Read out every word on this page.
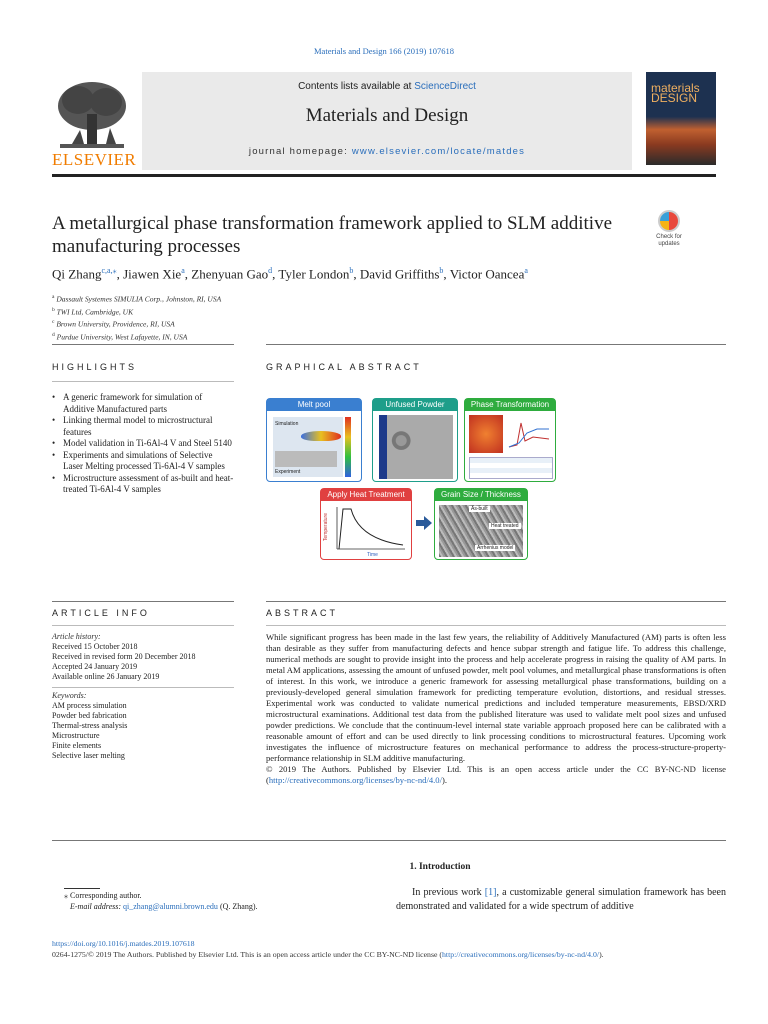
Materials and Design 166 (2019) 107618
ELSEVIER
Contents lists available at ScienceDirect
Materials and Design
journal homepage: www.elsevier.com/locate/matdes
materials
DESIGN
A metallurgical phase transformation framework applied to SLM additive manufacturing processes	Check for updates
Qi Zhang$^{c,a,⁎}$, Jiawen Xie$^a$, Zhenyuan Gao$^d$, Tyler London$^b$, David Griffiths$^b$, Victor Oancea$^a$
$^a$ Dassault Systemes SIMULIA Corp., Johnston, RI, USA
$^b$ TWI Ltd, Cambridge, UK
$^c$ Brown University, Providence, RI, USA
$^d$ Purdue University, West Lafayette, IN, USA
HIGHLIGHTS	GRAPHICAL ABSTRACT
• A generic framework for simulation of Additive Manufactured parts
• Linking thermal model to microstructural features
• Model validation in Ti-6Al-4 V and Steel 5140
• Experiments and simulations of Selective Laser Melting processed Ti-6Al-4 V samples
• Microstructure assessment of as-built and heat-treated Ti-6Al-4 V samples
Melt pool
Simulation
Experiment
Unfused Powder	Phase Transformation
Apply Heat Treatment
Temperature
Time
Grain Size / Thickness
As-built
Heat treated
Arrhenius model
ARTICLE INFO	ABSTRACT
Article history:
Received 15 October 2018
Received in revised form 20 December 2018
Accepted 24 January 2019
Available online 26 January 2019
Keywords:
AM process simulation
Powder bed fabrication
Thermal-stress analysis
Microstructure
Finite elements
Selective laser melting

While significant progress has been made in the last few years, the reliability of Additively Manufactured (AM) parts is often less than desirable as they suffer from manufacturing defects and hence subpar strength and fatigue life. To address this challenge, numerical methods are sought to provide insight into the process and help accelerate progress in raising the quality of AM parts. In metal AM applications, assessing the amount of unfused powder, melt pool volumes, and metallurgical phase transformations is often of interest. In this work, we introduce a generic framework for assessing metallurgical phase transformations, building on a previously-developed general simulation framework for predicting temperature evolution, distortions, and residual stresses. Experimental work was conducted to validate numerical predictions and included temperature measurements, EBSD/XRD microstructural examinations. Additional test data from the published literature was used to validate melt pool sizes and unfused powder predictions. We conclude that the continuum-level internal state variable approach proposed here can be calibrated with a reasonable amount of effort and can be used directly to link processing conditions to microstructural features. Upcoming work investigates the influence of microstructure features on mechanical performance to address the process-structure-property-performance relationship in SLM additive manufacturing.

© 2019 The Authors. Published by Elsevier Ltd. This is an open access article under the CC BY-NC-ND license (http://creativecommons.org/licenses/by-nc-nd/4.0/).

1. Introduction
In previous work [1], a customizable general simulation framework has been demonstrated and validated for a wide spectrum of additive
⁎ Corresponding author.
E-mail address: qi_zhang@alumni.brown.edu (Q. Zhang).
https://doi.org/10.1016/j.matdes.2019.107618
0264-1275/© 2019 The Authors. Published by Elsevier Ltd. This is an open access article under the CC BY-NC-ND license (http://creativecommons.org/licenses/by-nc-nd/4.0/).
